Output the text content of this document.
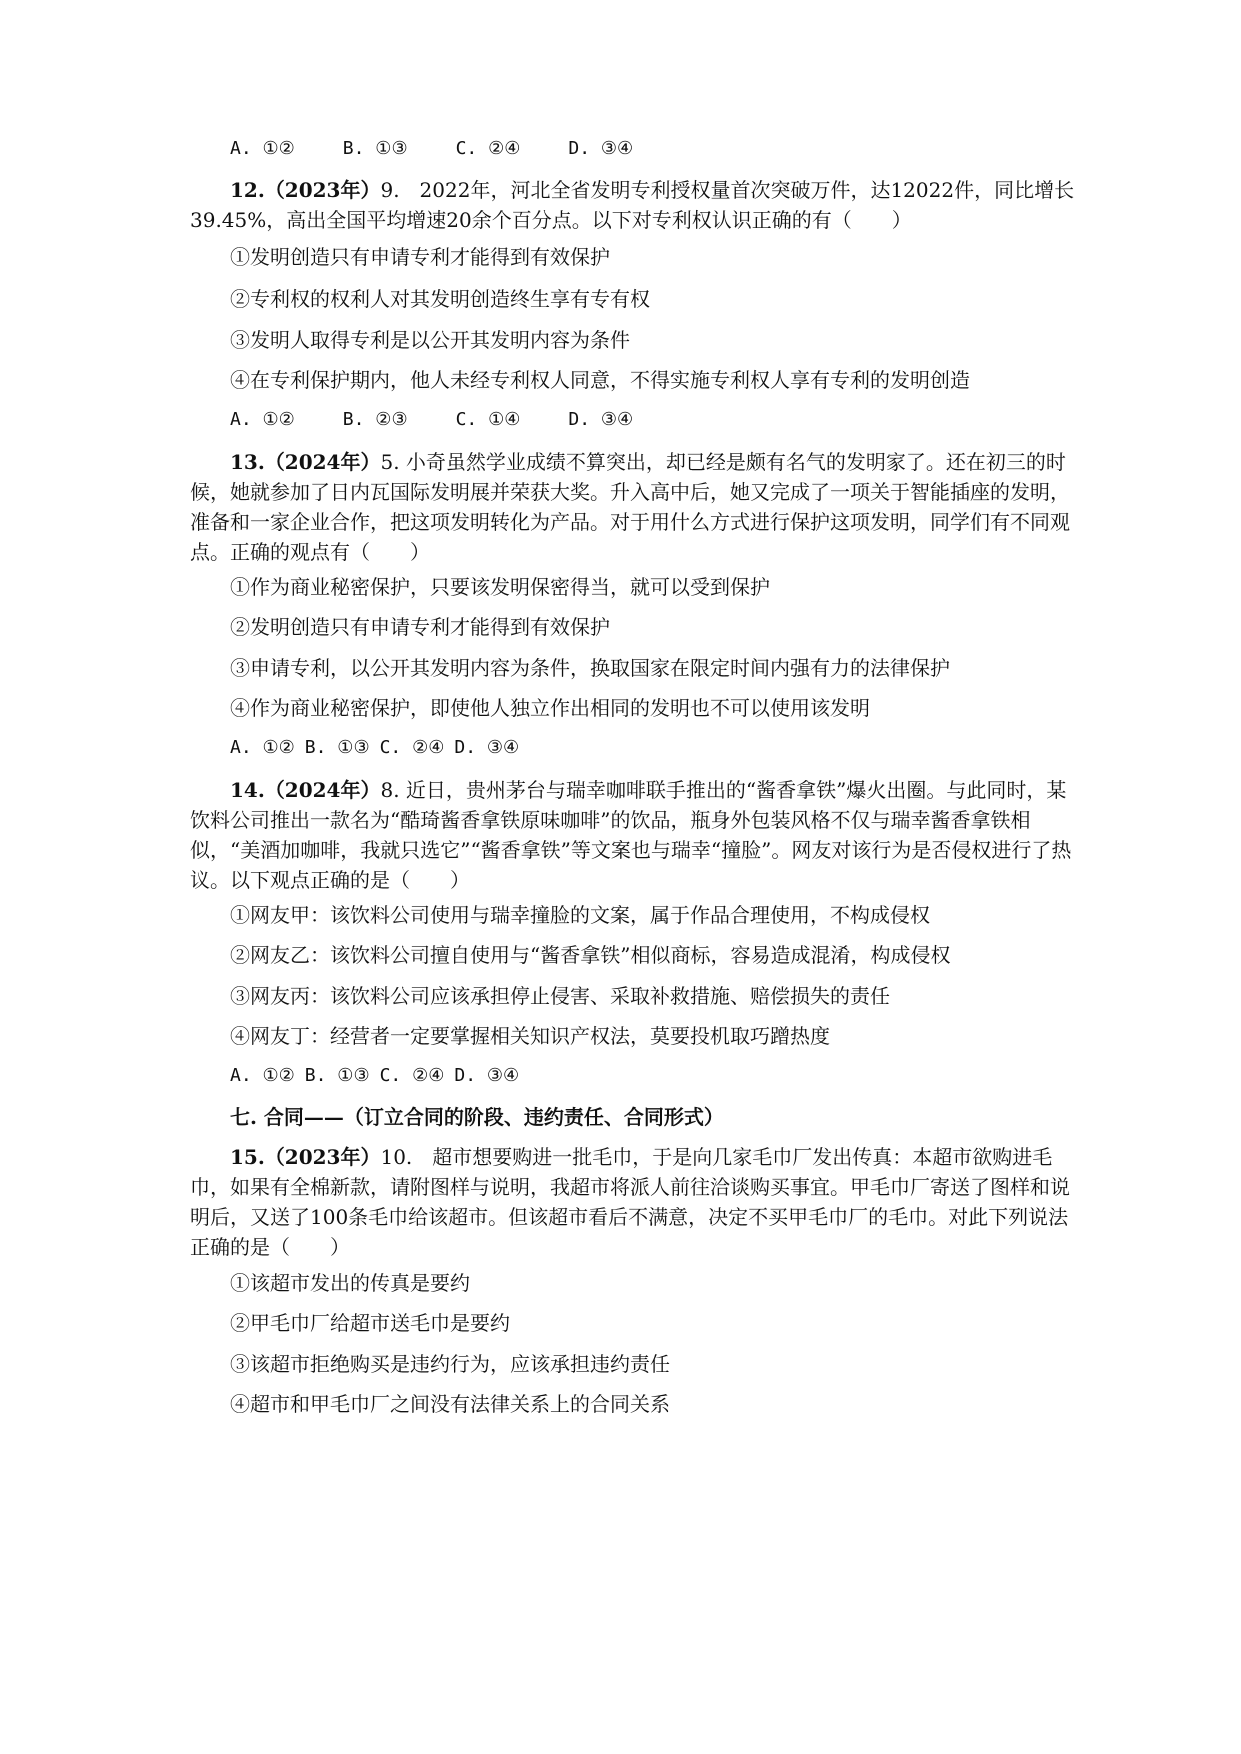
A. ①②	B. ①③	C. ②④	D. ③④

12.（2023年）9.　2022年，河北全省发明专利授权量首次突破万件，达12022件，同比增长39.45%，高出全国平均增速20余个百分点。以下对专利权认识正确的有（　　）

①发明创造只有申请专利才能得到有效保护

②专利权的权利人对其发明创造终生享有专有权

③发明人取得专利是以公开其发明内容为条件

④在专利保护期内，他人未经专利权人同意，不得实施专利权人享有专利的发明创造

A. ①②	B. ②③	C. ①④	D. ③④

13.（2024年）5. 小奇虽然学业成绩不算突出，却已经是颇有名气的发明家了。还在初三的时候，她就参加了日内瓦国际发明展并荣获大奖。升入高中后，她又完成了一项关于智能插座的发明，准备和一家企业合作，把这项发明转化为产品。对于用什么方式进行保护这项发明，同学们有不同观点。正确的观点有（　　）

①作为商业秘密保护，只要该发明保密得当，就可以受到保护

②发明创造只有申请专利才能得到有效保护

③申请专利，以公开其发明内容为条件，换取国家在限定时间内强有力的法律保护

④作为商业秘密保护，即使他人独立作出相同的发明也不可以使用该发明

A. ①② B. ①③ C. ②④ D. ③④

14.（2024年）8. 近日，贵州茅台与瑞幸咖啡联手推出的“酱香拿铁”爆火出圈。与此同时，某饮料公司推出一款名为“酷琦酱香拿铁原味咖啡”的饮品，瓶身外包装风格不仅与瑞幸酱香拿铁相似，“美酒加咖啡，我就只选它”“酱香拿铁”等文案也与瑞幸“撞脸”。网友对该行为是否侵权进行了热议。以下观点正确的是（　　）

①网友甲：该饮料公司使用与瑞幸撞脸的文案，属于作品合理使用，不构成侵权

②网友乙：该饮料公司擅自使用与“酱香拿铁”相似商标，容易造成混淆，构成侵权

③网友丙：该饮料公司应该承担停止侵害、采取补救措施、赔偿损失的责任

④网友丁：经营者一定要掌握相关知识产权法，莫要投机取巧蹭热度

A. ①② B. ①③ C. ②④ D. ③④

七. 合同——（订立合同的阶段、违约责任、合同形式）

15.（2023年）10.　超市想要购进一批毛巾，于是向几家毛巾厂发出传真：本超市欲购进毛巾，如果有全棉新款，请附图样与说明，我超市将派人前往洽谈购买事宜。甲毛巾厂寄送了图样和说明后，又送了100条毛巾给该超市。但该超市看后不满意，决定不买甲毛巾厂的毛巾。对此下列说法正确的是（　　）

①该超市发出的传真是要约

②甲毛巾厂给超市送毛巾是要约

③该超市拒绝购买是违约行为，应该承担违约责任

④超市和甲毛巾厂之间没有法律关系上的合同关系
